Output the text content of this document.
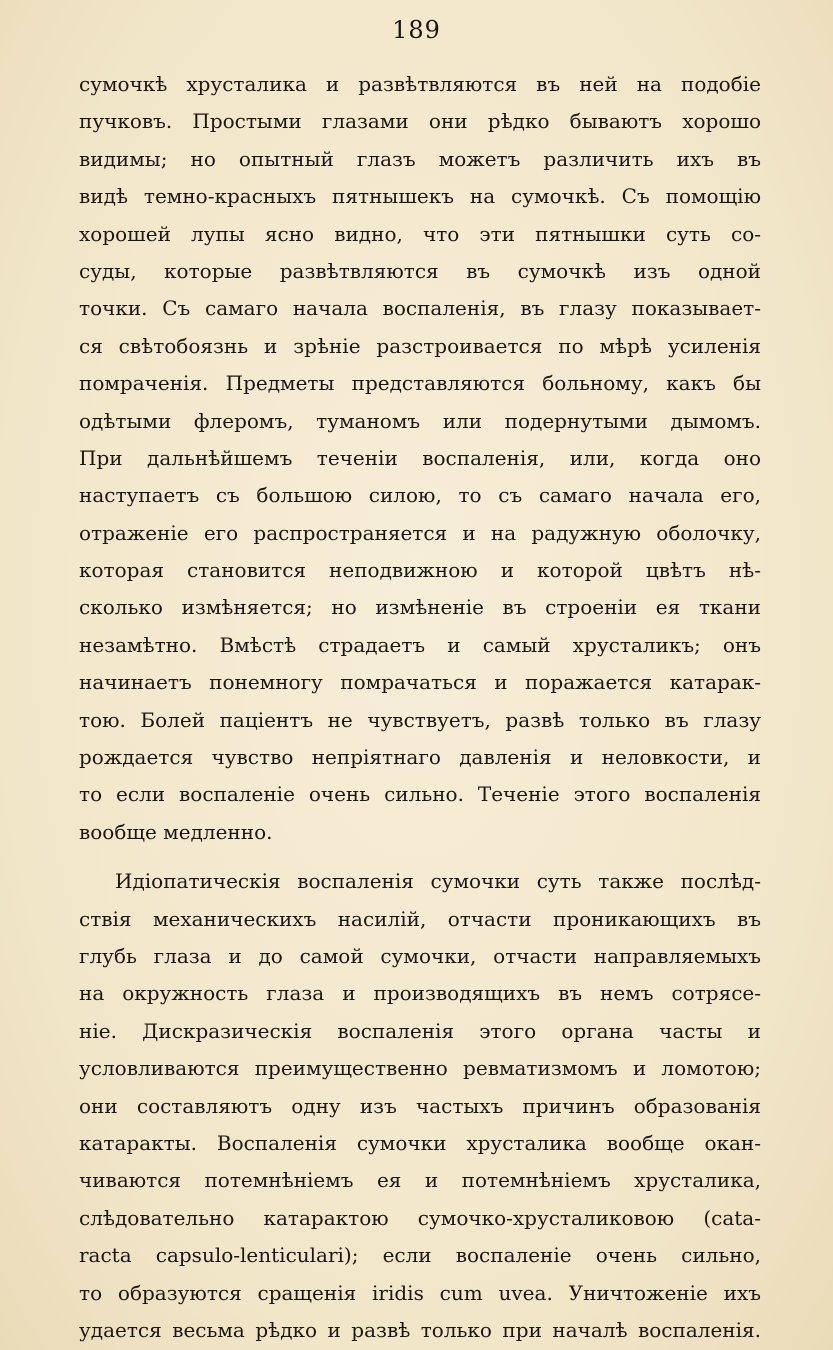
189
сумочкѣ хрусталика и развѣтвляются въ ней на подобіе
пучковъ. Простыми глазами они рѣдко бываютъ хорошо
видимы; но опытный глазъ можетъ различить ихъ въ
видѣ темно-красныхъ пятнышекъ на сумочкѣ. Съ помощію
хорошей лупы ясно видно, что эти пятнышки суть со-
суды, которые развѣтвляются въ сумочкѣ изъ одной
точки. Съ самаго начала воспаленія, въ глазу показывает-
ся свѣтобоязнь и зрѣніе разстроивается по мѣрѣ усиленія
помраченія. Предметы представляются больному, какъ бы
одѣтыми флеромъ, туманомъ или подернутыми дымомъ.
При дальнѣйшемъ теченіи воспаленія, или, когда оно
наступаетъ съ большою силою, то съ самаго начала его,
отраженіе его распространяется и на радужную оболочку,
которая становится неподвижною и которой цвѣтъ нѣ-
сколько измѣняется; но измѣненіе въ строеніи ея ткани
незамѣтно. Вмѣстѣ страдаетъ и самый хрусталикъ; онъ
начинаетъ понемногу помрачаться и поражается катарак-
тою. Болей паціентъ не чувствуетъ, развѣ только въ глазу
рождается чувство непріятнаго давленія и неловкости, и
то если воспаленіе очень сильно. Теченіе этого воспаленія
вообще медленно.
Идіопатическія воспаленія сумочки суть также послѣд-
ствія механическихъ насилій, отчасти проникающихъ въ
глубь глаза и до самой сумочки, отчасти направляемыхъ
на окружность глаза и производящихъ въ немъ сотрясе-
ніе. Дискразическія воспаленія этого органа часты и
условливаются преимущественно ревматизмомъ и ломотою;
они составляютъ одну изъ частыхъ причинъ образованія
катаракты. Воспаленія сумочки хрусталика вообще окан-
чиваются потемнѣніемъ ея и потемнѣніемъ хрусталика,
слѣдовательно катарактою сумочко-хрусталиковою (cata-
racta capsulo-lenticulari); если воспаленіе очень сильно,
то образуются сращенія iridis cum uvea. Уничтоженіе ихъ
удается весьма рѣдко и развѣ только при началѣ воспаленія.
